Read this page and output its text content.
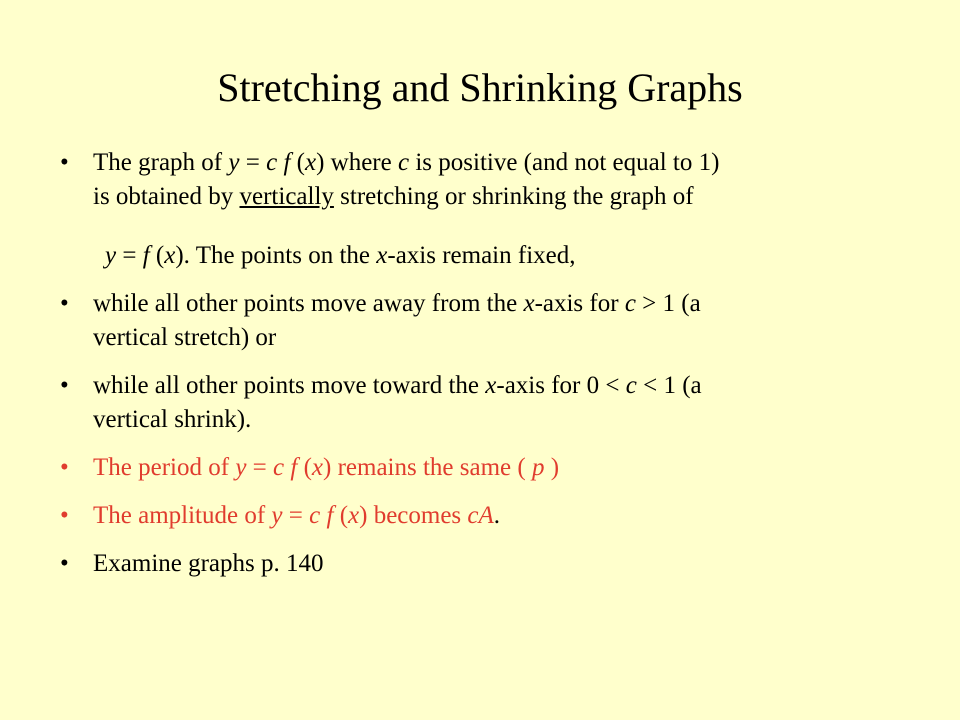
Stretching and Shrinking Graphs

• The graph of y = c f (x) where c is positive (and not equal to 1)
is obtained by vertically stretching or shrinking the graph of

y = f (x). The points on the x-axis remain fixed,

• while all other points move away from the x-axis for c > 1 (a
vertical stretch) or

• while all other points move toward the x-axis for 0 < c < 1 (a
vertical shrink).

• The period of y = c f (x) remains the same ( p )

• The amplitude of y = c f (x) becomes cA.

• Examine graphs p. 140
